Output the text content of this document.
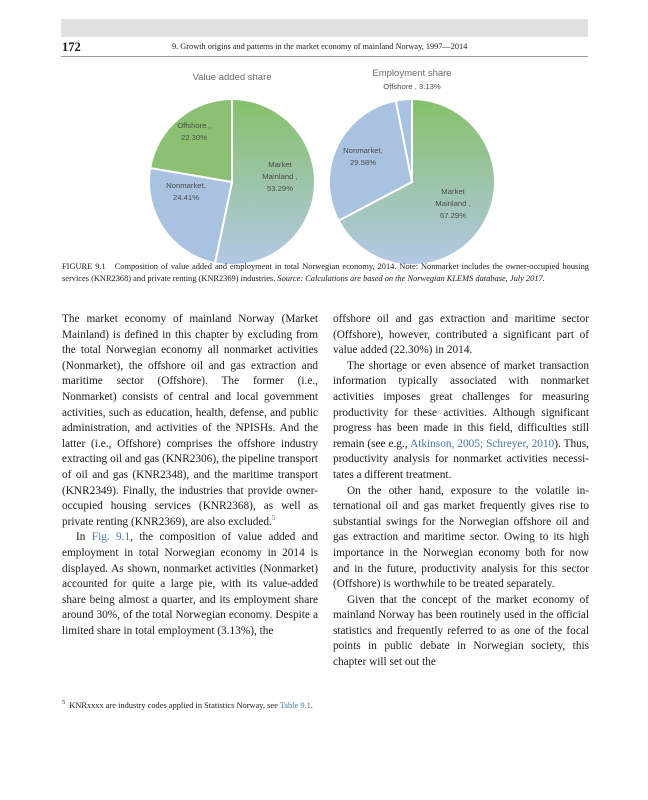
172	9. Growth origins and patterns in the market economy of mainland Norway, 1997—2014
Value added share
Market Mainland , 53.29%
Nonmarket, 24.41%
Offshore , 22.30%
Employment share
Market Mainland , 67.29%
Nonmarket, 29.58%
Offshore , 3.13%
FIGURE 9.1 Composition of value added and employment in total Norwegian economy, 2014. Note: Nonmarket includes the owner-occupied housing services (KNR2368) and private renting (KNR2369) industries. Source: Calculations are based on the Norwegian KLEMS database, July 2017.

The market economy of mainland Norway (Market Mainland) is defined in this chapter by excluding from the total Norwegian economy all nonmarket activities (Nonmarket), the offshore oil and gas extraction and maritime sector (Offshore). The former (i.e., Nonmarket) consists of central and local government activities, such as education, health, defense, and public administration, and activities of the NPISHs. And the latter (i.e., Offshore) comprises the offshore industry extracting oil and gas (KNR2306), the pipeline transport of oil and gas (KNR2348), and the maritime transport (KNR2349). Finally, the industries that provide owner-occupied housing services (KNR2368), as well as private renting (KNR2369), are also excluded.$^5$

In Fig. 9.1, the composition of value added and employment in total Norwegian economy in 2014 is displayed. As shown, nonmarket activities (Nonmarket) accounted for quite a large pie, with its value-added share being almost a quarter, and its employment share around 30%, of the total Norwegian economy. Despite a limited share in total employment (3.13%), the

offshore oil and gas extraction and maritime sector (Offshore), however, contributed a significant part of value added (22.30%) in 2014.

The shortage or even absence of market transaction information typically associated with nonmarket activities imposes great challenges for measuring productivity for these activities. Although significant progress has been made in this field, difficulties still remain (see e.g., Atkinson, 2005; Schreyer, 2010). Thus, productivity analysis for nonmarket activities necessitates a different treatment.

On the other hand, exposure to the volatile international oil and gas market frequently gives rise to substantial swings for the Norwegian offshore oil and gas extraction and maritime sector. Owing to its high importance in the Norwegian economy both for now and in the future, productivity analysis for this sector (Offshore) is worthwhile to be treated separately.

Given that the concept of the market economy of mainland Norway has been routinely used in the official statistics and frequently referred to as one of the focal points in public debate in Norwegian society, this chapter will set out the

$^5$ KNRxxxx are industry codes applied in Statistics Norway, see Table 9.1.
